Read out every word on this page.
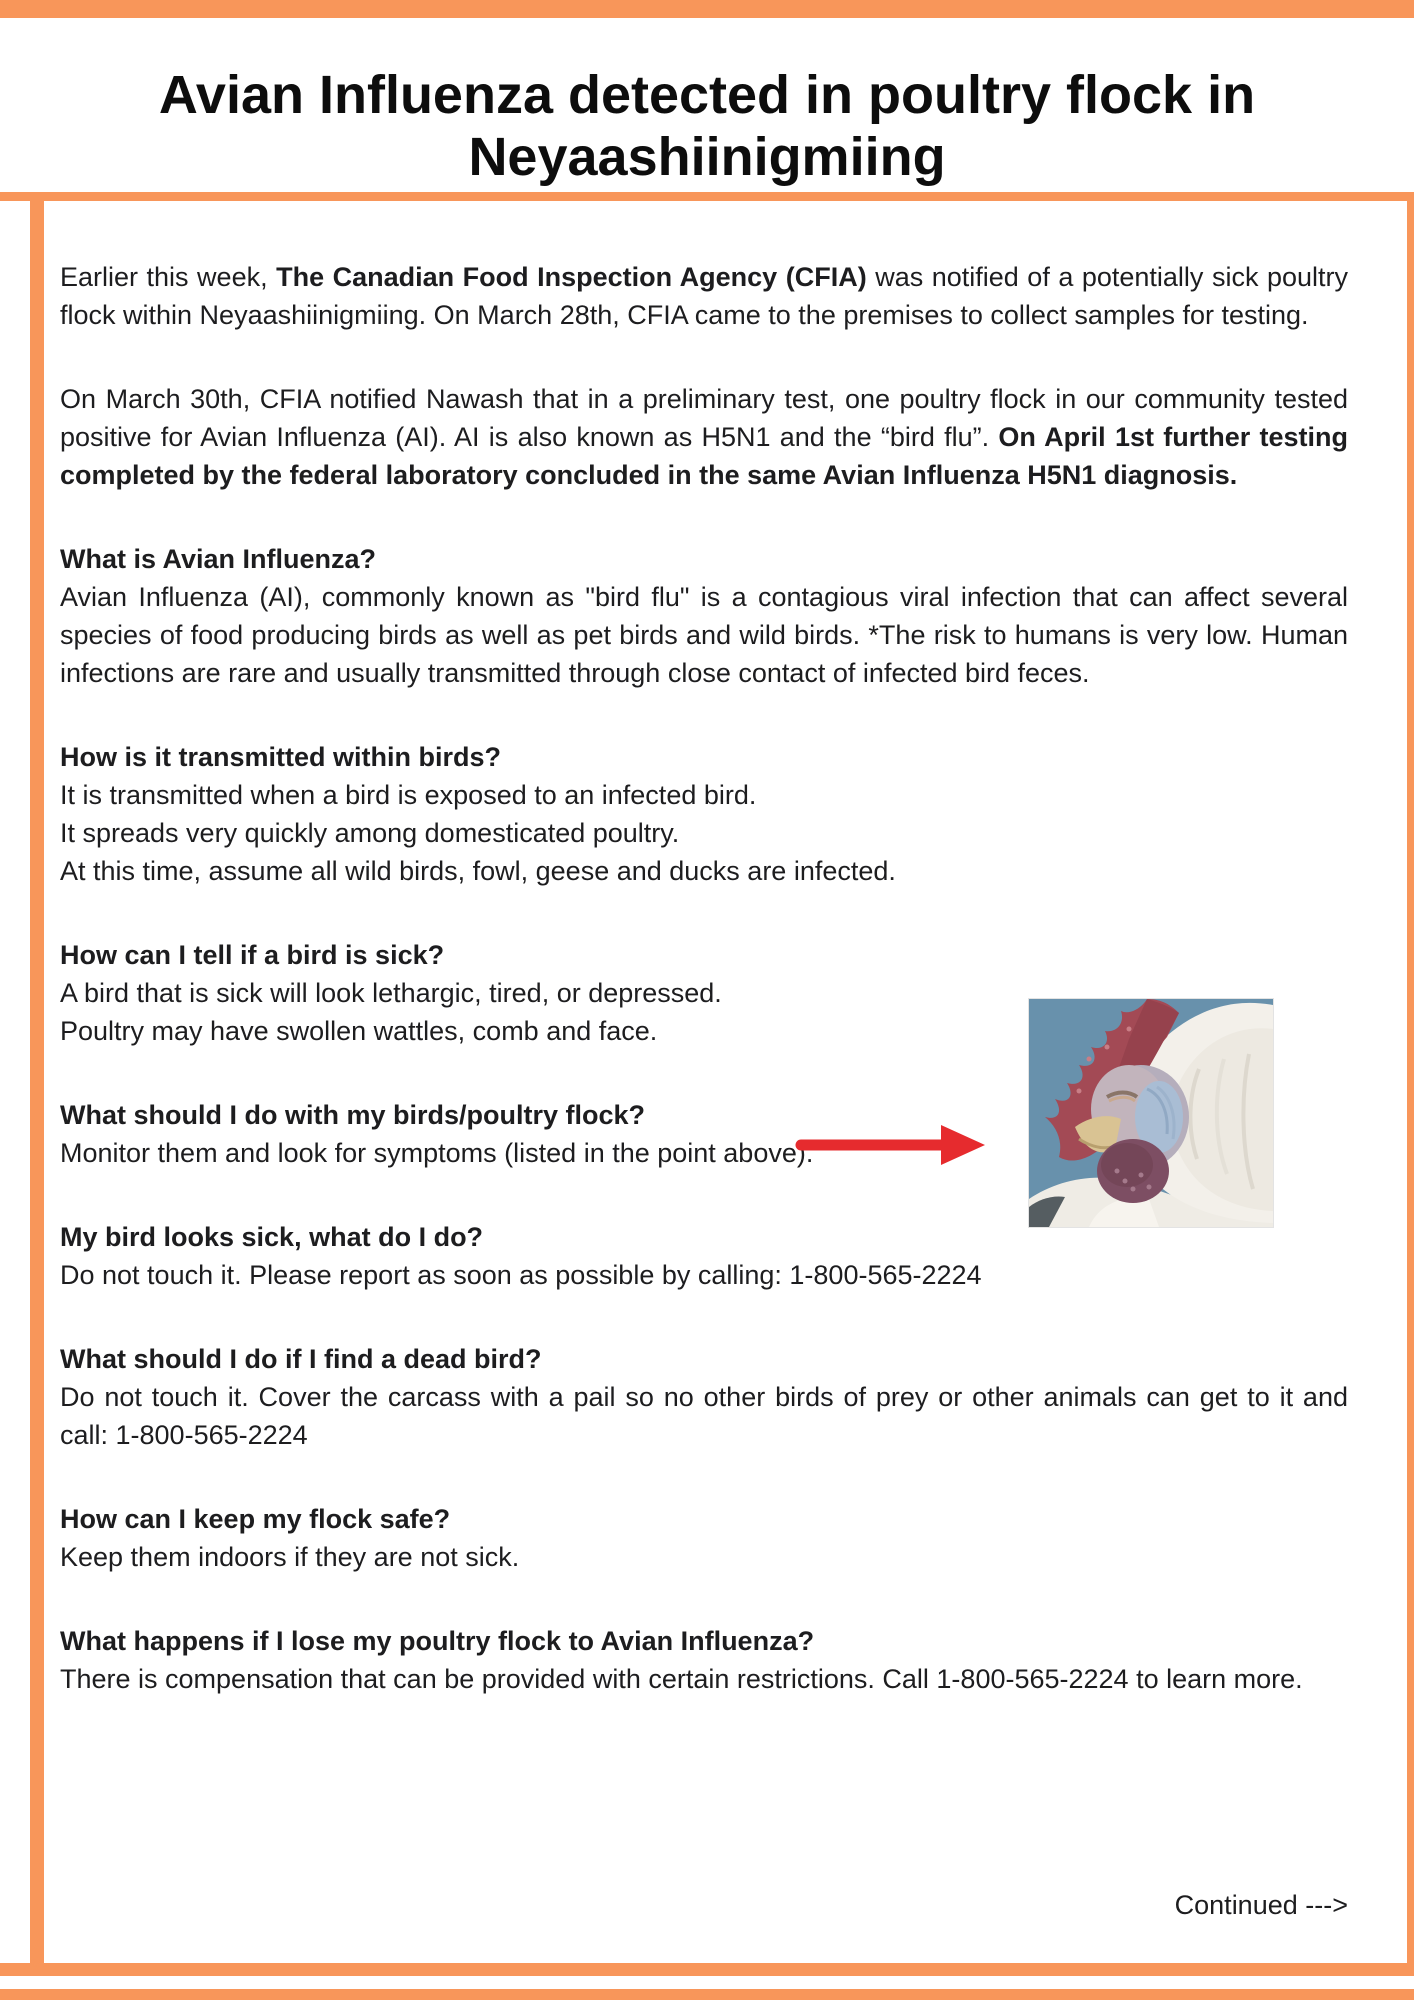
Avian Influenza detected in poultry flock in
Neyaashiinigmiing
Earlier this week, The Canadian Food Inspection Agency (CFIA) was notified of a potentially sick poultry flock within Neyaashiinigmiing. On March 28th, CFIA came to the premises to collect samples for testing.
On March 30th, CFIA notified Nawash that in a preliminary test, one poultry flock in our community tested positive for Avian Influenza (AI). AI is also known as H5N1 and the “bird flu”. On April 1st further testing completed by the federal laboratory concluded in the same Avian Influenza H5N1 diagnosis.
What is Avian Influenza?
Avian Influenza (AI), commonly known as "bird flu" is a contagious viral infection that can affect several species of food producing birds as well as pet birds and wild birds. *The risk to humans is very low. Human infections are rare and usually transmitted through close contact of infected bird feces.
How is it transmitted within birds?
It is transmitted when a bird is exposed to an infected bird.
It spreads very quickly among domesticated poultry.
At this time, assume all wild birds, fowl, geese and ducks are infected.
How can I tell if a bird is sick?
A bird that is sick will look lethargic, tired, or depressed.
Poultry may have swollen wattles, comb and face.
What should I do with my birds/poultry flock?
Monitor them and look for symptoms (listed in the point above).
My bird looks sick, what do I do?
Do not touch it. Please report as soon as possible by calling: 1-800-565-2224
What should I do if I find a dead bird?
Do not touch it. Cover the carcass with a pail so no other birds of prey or other animals can get to it and call: 1-800-565-2224
How can I keep my flock safe?
Keep them indoors if they are not sick.
What happens if I lose my poultry flock to Avian Influenza?
There is compensation that can be provided with certain restrictions. Call 1-800-565-2224 to learn more.
Continued --->
